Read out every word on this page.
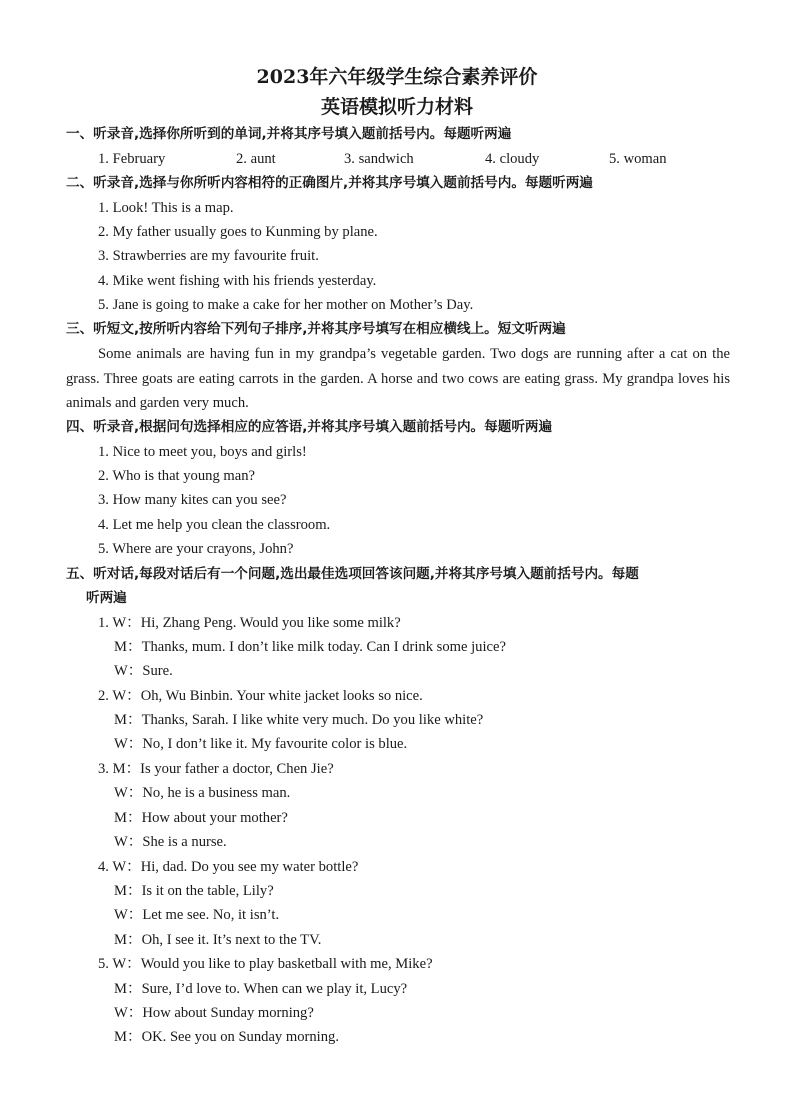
2023年六年级学生综合素养评价
英语模拟听力材料
一、听录音,选择你所听到的单词,并将其序号填入题前括号内。每题听两遍
1. February	2. aunt	3. sandwich	4. cloudy	5. woman
二、听录音,选择与你所听内容相符的正确图片,并将其序号填入题前括号内。每题听两遍
1. Look! This is a map.
2. My father usually goes to Kunming by plane.
3. Strawberries are my favourite fruit.
4. Mike went fishing with his friends yesterday.
5. Jane is going to make a cake for her mother on Mother’s Day.
三、听短文,按所听内容给下列句子排序,并将其序号填写在相应横线上。短文听两遍
Some animals are having fun in my grandpa’s vegetable garden. Two dogs are running after a cat on the grass. Three goats are eating carrots in the garden. A horse and two cows are eating grass. My grandpa loves his animals and garden very much.
四、听录音,根据问句选择相应的应答语,并将其序号填入题前括号内。每题听两遍
1. Nice to meet you, boys and girls!
2. Who is that young man?
3. How many kites can you see?
4. Let me help you clean the classroom.
5. Where are your crayons, John?
五、听对话,每段对话后有一个问题,选出最佳选项回答该问题,并将其序号填入题前括号内。每题
听两遍
1. W：Hi, Zhang Peng. Would you like some milk?
M：Thanks, mum. I don’t like milk today. Can I drink some juice?
W：Sure.
2. W：Oh, Wu Binbin. Your white jacket looks so nice.
M：Thanks, Sarah. I like white very much. Do you like white?
W：No, I don’t like it. My favourite color is blue.
3. M：Is your father a doctor, Chen Jie?
W：No, he is a business man.
M：How about your mother?
W：She is a nurse.
4. W：Hi, dad. Do you see my water bottle?
M：Is it on the table, Lily?
W：Let me see. No, it isn’t.
M：Oh, I see it. It’s next to the TV.
5. W：Would you like to play basketball with me, Mike?
M：Sure, I’d love to. When can we play it, Lucy?
W：How about Sunday morning?
M：OK. See you on Sunday morning.
